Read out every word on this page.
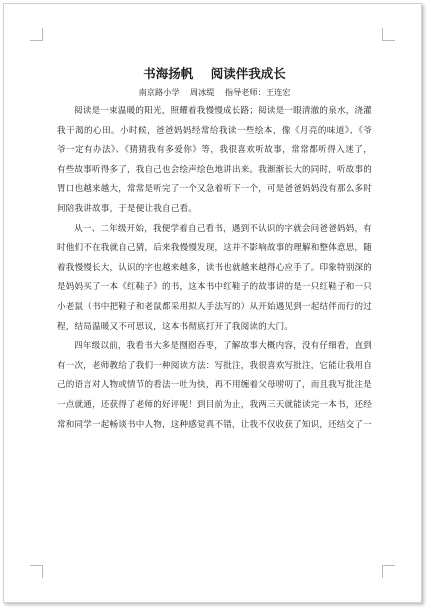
书海扬帆    阅读伴我成长
南京路小学    周冰缇    指导老师：王连宏

阅读是一束温暖的阳光，照耀着我慢慢成长路；阅读是一眼清澈的泉水，浇灌我干渴的心田。小时候，爸爸妈妈经常给我读一些绘本，像《月亮的味道》、《爷爷一定有办法》、《猜猜我有多爱你》等，我很喜欢听故事，常常都听得入迷了，有些故事听得多了，我自己也会绘声绘色地讲出来。我渐渐长大的同时，听故事的胃口也越来越大，常常是听完了一个又急着听下一个，可是爸爸妈妈没有那么多时间陪我讲故事，于是便让我自己看。

从一、二年级开始，我便学着自己看书，遇到不认识的字就会问爸爸妈妈，有时他们不在我就自己猜，后来我慢慢发现，这并不影响故事的理解和整体意思，随着我慢慢长大，认识的字也越来越多，读书也就越来越得心应手了。印象特别深的是妈妈买了一本《红鞋子》的书，这本书中红鞋子的故事讲的是一只红鞋子和一只小老鼠（书中把鞋子和老鼠都采用拟人手法写的）从开始遇见到一起结伴而行的过程，结局温暖又不可思议，这本书彻底打开了我阅读的大门。

四年级以前，我看书大多是囫囵吞枣，了解故事大概内容，没有仔细看，直到有一次，老师教给了我们一种阅读方法：写批注，我很喜欢写批注，它能让我用自己的语言对人物或情节的看法一吐为快，再不用缠着父母唠叨了，而且我写批注是一点就通，还获得了老师的好评呢！到目前为止，我两三天就能读完一本书，还经常和同学一起畅谈书中人物，这种感觉真不错，让我不仅收获了知识，还结交了一
